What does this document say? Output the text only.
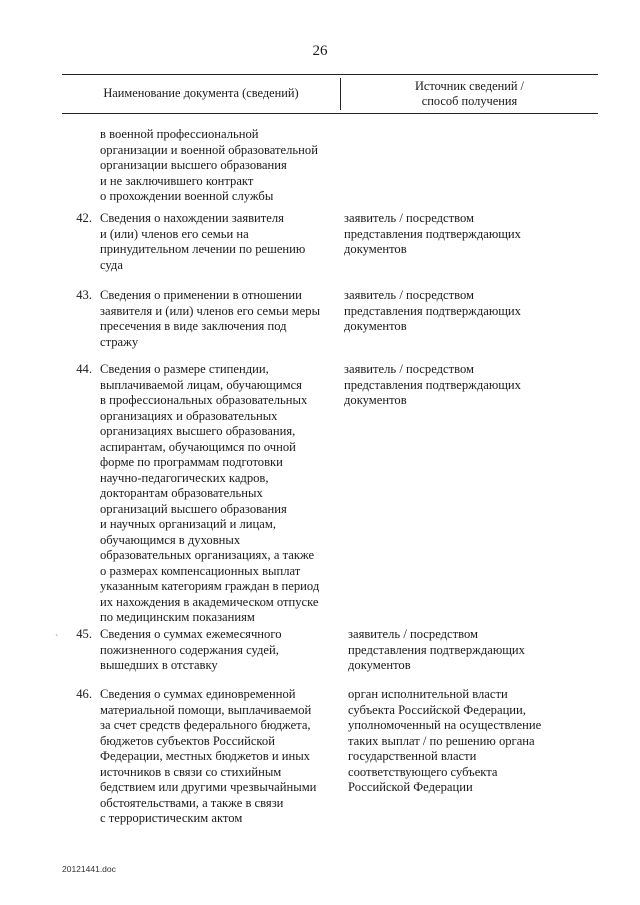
26
Наименование документа (сведений)
Источник сведений /
способ получения
в военной профессиональной
организации и военной образовательной
организации высшего образования
и не заключившего контракт
о прохождении военной службы
42. Сведения о нахождении заявителя
и (или) членов его семьи на
принудительном лечении по решению
суда
заявитель / посредством
представления подтверждающих
документов
43. Сведения о применении в отношении
заявителя и (или) членов его семьи меры
пресечения в виде заключения под
стражу
заявитель / посредством
представления подтверждающих
документов
44. Сведения о размере стипендии,
выплачиваемой лицам, обучающимся
в профессиональных образовательных
организациях и образовательных
организациях высшего образования,
аспирантам, обучающимся по очной
форме по программам подготовки
научно-педагогических кадров,
докторантам образовательных
организаций высшего образования
и научных организаций и лицам,
обучающимся в духовных
образовательных организациях, а также
о размерах компенсационных выплат
указанным категориям граждан в период
их нахождения в академическом отпуске
по медицинским показаниям
заявитель / посредством
представления подтверждающих
документов
45. Сведения о суммах ежемесячного
пожизненного содержания судей,
вышедших в отставку
заявитель / посредством
представления подтверждающих
документов
46. Сведения о суммах единовременной
материальной помощи, выплачиваемой
за счет средств федерального бюджета,
бюджетов субъектов Российской
Федерации, местных бюджетов и иных
источников в связи со стихийным
бедствием или другими чрезвычайными
обстоятельствами, а также в связи
с террористическим актом
орган исполнительной власти
субъекта Российской Федерации,
уполномоченный на осуществление
таких выплат / по решению органа
государственной власти
соответствующего субъекта
Российской Федерации
`
20121441.doc
